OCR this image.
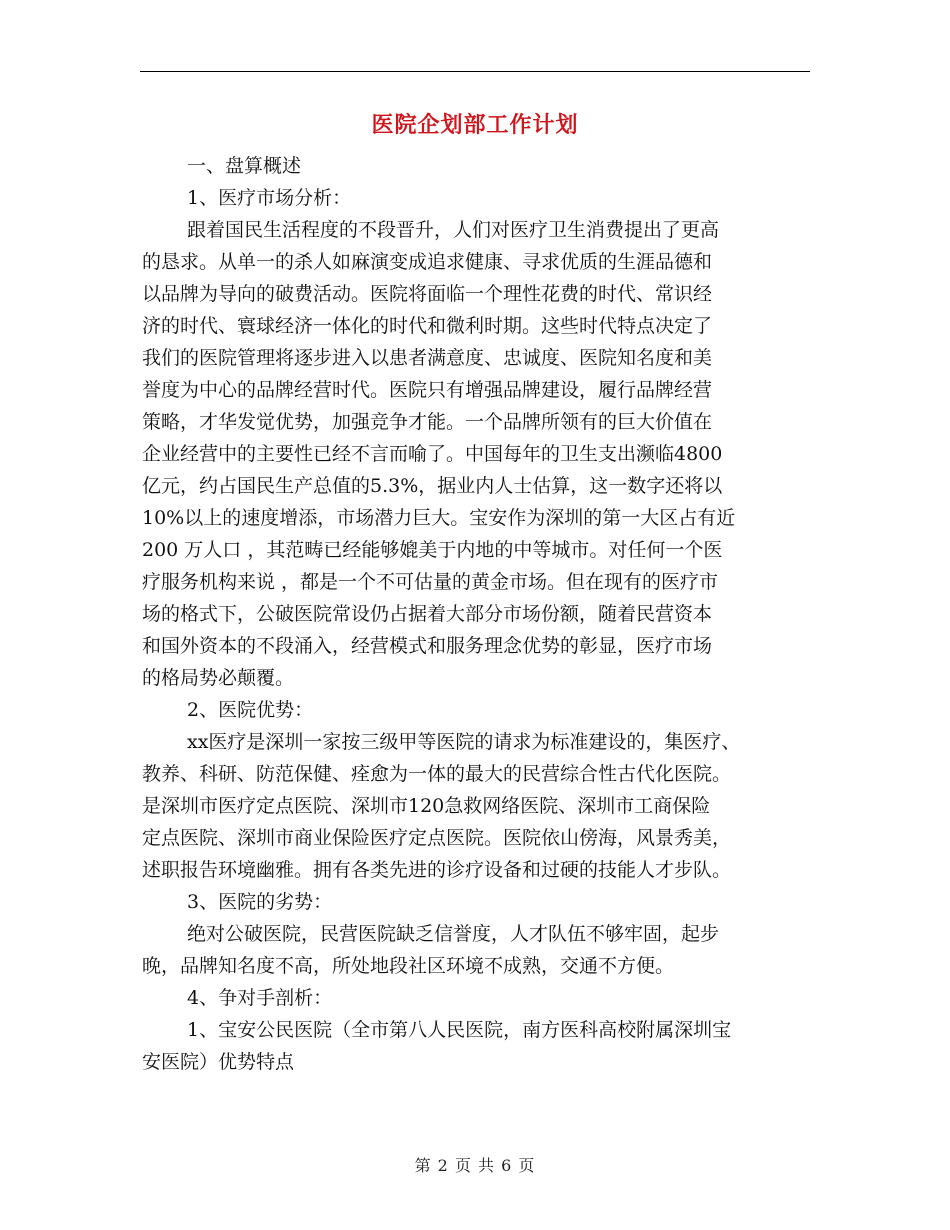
医院企划部工作计划
一、盘算概述
1、医疗市场分析：
跟着国民生活程度的不段晋升，人们对医疗卫生消费提出了更高
的恳求。从单一的杀人如麻演变成追求健康、寻求优质的生涯品德和
以品牌为导向的破费活动。医院将面临一个理性花费的时代、常识经
济的时代、寰球经济一体化的时代和微利时期。这些时代特点决定了
我们的医院管理将逐步进入以患者满意度、忠诚度、医院知名度和美
誉度为中心的品牌经营时代。医院只有增强品牌建设，履行品牌经营
策略，才华发觉优势，加强竞争才能。一个品牌所领有的巨大价值在
企业经营中的主要性已经不言而喻了。中国每年的卫生支出濒临4800
亿元，约占国民生产总值的5.3%，据业内人士估算，这一数字还将以
10%以上的速度增添，市场潜力巨大。宝安作为深圳的第一大区占有近
200 万人口 ，其范畴已经能够媲美于内地的中等城市。对任何一个医
疗服务机构来说 ，都是一个不可估量的黄金市场。但在现有的医疗市
场的格式下，公破医院常设仍占据着大部分市场份额，随着民营资本
和国外资本的不段涌入，经营模式和服务理念优势的彰显，医疗市场
的格局势必颠覆。
2、医院优势：
xx医疗是深圳一家按三级甲等医院的请求为标准建设的，集医疗、
教养、科研、防范保健、痊愈为一体的最大的民营综合性古代化医院。
是深圳市医疗定点医院、深圳市120急救网络医院、深圳市工商保险
定点医院、深圳市商业保险医疗定点医院。医院依山傍海，风景秀美，
述职报告环境幽雅。拥有各类先进的诊疗设备和过硬的技能人才步队。
3、医院的劣势：
绝对公破医院，民营医院缺乏信誉度，人才队伍不够牢固，起步
晚，品牌知名度不高，所处地段社区环境不成熟，交通不方便。
4、争对手剖析：
1、宝安公民医院（全市第八人民医院，南方医科高校附属深圳宝
安医院）优势特点
第 2 页 共 6 页
